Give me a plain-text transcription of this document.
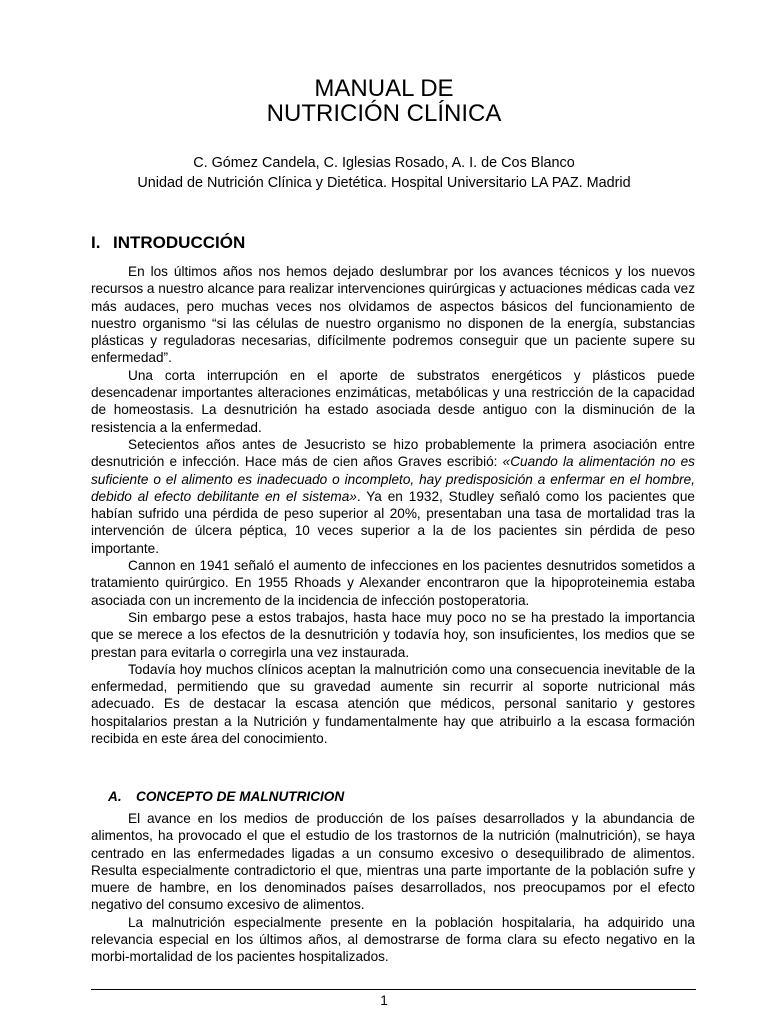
MANUAL DE
NUTRICIÓN CLÍNICA
C. Gómez Candela, C. Iglesias Rosado, A. I. de Cos Blanco
Unidad de Nutrición Clínica y Dietética. Hospital Universitario LA PAZ. Madrid
I. INTRODUCCIÓN

En los últimos años nos hemos dejado deslumbrar por los avances técnicos y los nuevos recursos a nuestro alcance para realizar intervenciones quirúrgicas y actuaciones médicas cada vez más audaces, pero muchas veces nos olvidamos de aspectos básicos del funcionamiento de nuestro organismo “si las células de nuestro organismo no disponen de la energía, substancias plásticas y reguladoras necesarias, difícilmente podremos conseguir que un paciente supere su enfermedad”.

Una corta interrupción en el aporte de substratos energéticos y plásticos puede desencadenar importantes alteraciones enzimáticas, metabólicas y una restricción de la capacidad de homeostasis. La desnutrición ha estado asociada desde antiguo con la disminución de la resistencia a la enfermedad.

Setecientos años antes de Jesucristo se hizo probablemente la primera asociación entre desnutrición e infección. Hace más de cien años Graves escribió: «Cuando la alimentación no es suficiente o el alimento es inadecuado o incompleto, hay predisposición a enfermar en el hombre, debido al efecto debilitante en el sistema». Ya en 1932, Studley señaló como los pacientes que habían sufrido una pérdida de peso superior al 20%, presentaban una tasa de mortalidad tras la intervención de úlcera péptica, 10 veces superior a la de los pacientes sin pérdida de peso importante.

Cannon en 1941 señaló el aumento de infecciones en los pacientes desnutridos sometidos a tratamiento quirúrgico. En 1955 Rhoads y Alexander encontraron que la hipoproteinemia estaba asociada con un incremento de la incidencia de infección postoperatoria.

Sin embargo pese a estos trabajos, hasta hace muy poco no se ha prestado la importancia que se merece a los efectos de la desnutrición y todavía hoy, son insuficientes, los medios que se prestan para evitarla o corregirla una vez instaurada.

Todavía hoy muchos clínicos aceptan la malnutrición como una consecuencia inevitable de la enfermedad, permitiendo que su gravedad aumente sin recurrir al soporte nutricional más adecuado. Es de destacar la escasa atención que médicos, personal sanitario y gestores hospitalarios prestan a la Nutrición y fundamentalmente hay que atribuirlo a la escasa formación recibida en este área del conocimiento.

A. CONCEPTO DE MALNUTRICION

El avance en los medios de producción de los países desarrollados y la abundancia de alimentos, ha provocado el que el estudio de los trastornos de la nutrición (malnutrición), se haya centrado en las enfermedades ligadas a un consumo excesivo o desequilibrado de alimentos. Resulta especialmente contradictorio el que, mientras una parte importante de la población sufre y muere de hambre, en los denominados países desarrollados, nos preocupamos por el efecto negativo del consumo excesivo de alimentos.

La malnutrición especialmente presente en la población hospitalaria, ha adquirido una relevancia especial en los últimos años, al demostrarse de forma clara su efecto negativo en la morbi-mortalidad de los pacientes hospitalizados.

1
